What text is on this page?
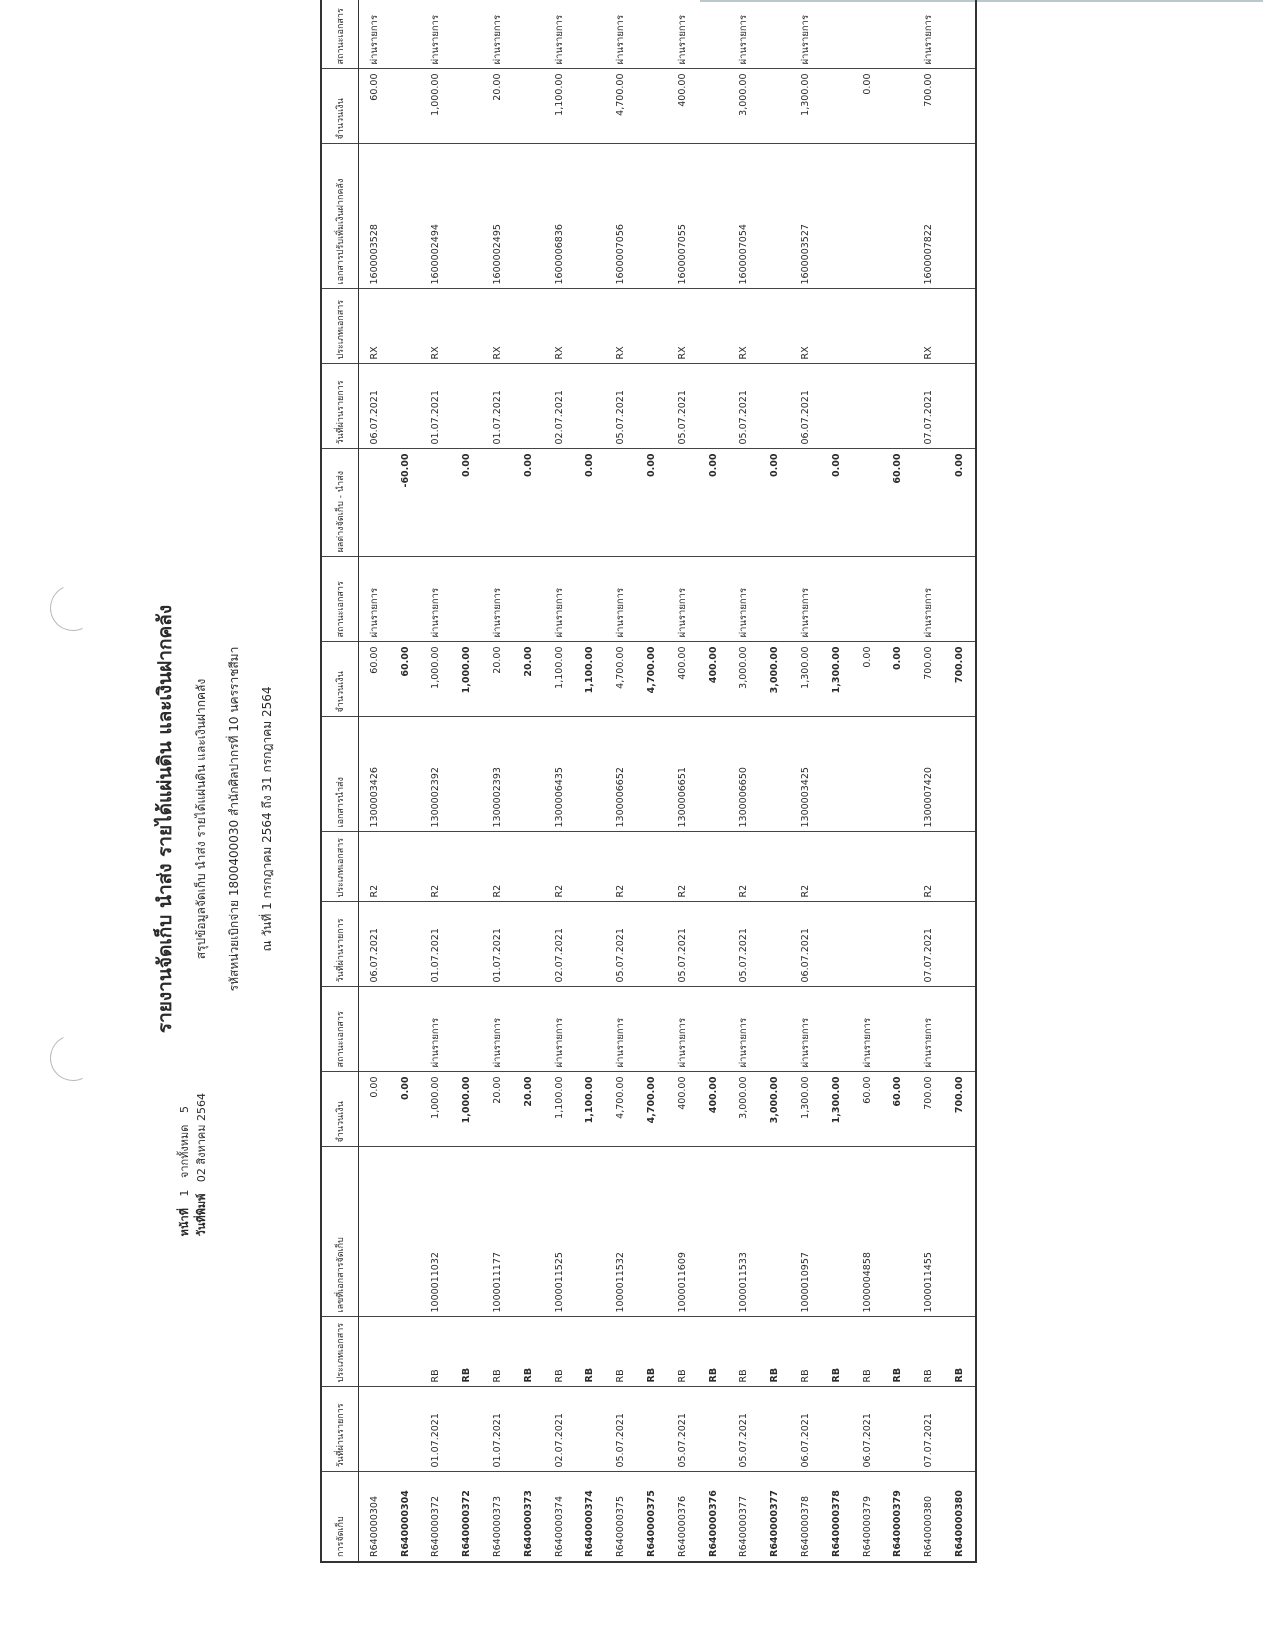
รายงานจัดเก็บ นำส่ง รายได้แผ่นดิน และเงินฝากคลัง	สรุปข้อมูลจัดเก็บ นำส่ง รายได้แผ่นดิน และเงินฝากคลัง รหัสหน่วยเบิกจ่าย 1800400030 สำนักศิลปากรที่ 10 นครราชสีมา ณ วันที่ 1 กรกฎาคม 2564 ถึง 31 กรกฎาคม 2564
หน้าที่ 1 จากทั้งหมด 5
วันที่พิมพ์ 02 สิงหาคม 2564
การจัดเก็บ	วันที่ผ่านรายการ	ประเภทเอกสาร	เลขที่เอกสารจัดเก็บ	จำนวนเงิน	สถานะเอกสาร	วันที่ผ่านรายการ	ประเภทเอกสาร	เอกสารนำส่ง	จำนวนเงิน	สถานะเอกสาร	ผลต่างจัดเก็บ - นำส่ง	วันที่ผ่านรายการ	ประเภทเอกสาร	เอกสารปรับเพิ่มเงินฝากคลัง	จำนวนเงิน	สถานะเอกสาร
R640000304				0.00		06.07.2021	R2	1300003426	60.00	ผ่านรายการ		06.07.2021	RX	1600003528	60.00	ผ่านรายการ
R640000304				0.00					60.00		-60.00					
R640000372	01.07.2021	RB	1000011032	1,000.00	ผ่านรายการ	01.07.2021	R2	1300002392	1,000.00	ผ่านรายการ		01.07.2021	RX	1600002494	1,000.00	ผ่านรายการ
R640000372		RB		1,000.00					1,000.00		0.00					
R640000373	01.07.2021	RB	1000011177	20.00	ผ่านรายการ	01.07.2021	R2	1300002393	20.00	ผ่านรายการ		01.07.2021	RX	1600002495	20.00	ผ่านรายการ
R640000373		RB		20.00					20.00		0.00					
R640000374	02.07.2021	RB	1000011525	1,100.00	ผ่านรายการ	02.07.2021	R2	1300006435	1,100.00	ผ่านรายการ		02.07.2021	RX	1600006836	1,100.00	ผ่านรายการ
R640000374		RB		1,100.00					1,100.00		0.00					
R640000375	05.07.2021	RB	1000011532	4,700.00	ผ่านรายการ	05.07.2021	R2	1300006652	4,700.00	ผ่านรายการ		05.07.2021	RX	1600007056	4,700.00	ผ่านรายการ
R640000375		RB		4,700.00					4,700.00		0.00					
R640000376	05.07.2021	RB	1000011609	400.00	ผ่านรายการ	05.07.2021	R2	1300006651	400.00	ผ่านรายการ		05.07.2021	RX	1600007055	400.00	ผ่านรายการ
R640000376		RB		400.00					400.00		0.00					
R640000377	05.07.2021	RB	1000011533	3,000.00	ผ่านรายการ	05.07.2021	R2	1300006650	3,000.00	ผ่านรายการ		05.07.2021	RX	1600007054	3,000.00	ผ่านรายการ
R640000377		RB		3,000.00					3,000.00		0.00					
R640000378	06.07.2021	RB	1000010957	1,300.00	ผ่านรายการ	06.07.2021	R2	1300003425	1,300.00	ผ่านรายการ		06.07.2021	RX	1600003527	1,300.00	ผ่านรายการ
R640000378		RB		1,300.00					1,300.00		0.00					
R640000379	06.07.2021	RB	1000004858	60.00	ผ่านรายการ				0.00						0.00	
R640000379		RB		60.00					0.00		60.00					
R640000380	07.07.2021	RB	1000011455	700.00	ผ่านรายการ	07.07.2021	R2	1300007420	700.00	ผ่านรายการ		07.07.2021	RX	1600007822	700.00	ผ่านรายการ
R640000380		RB		700.00					700.00		0.00					
